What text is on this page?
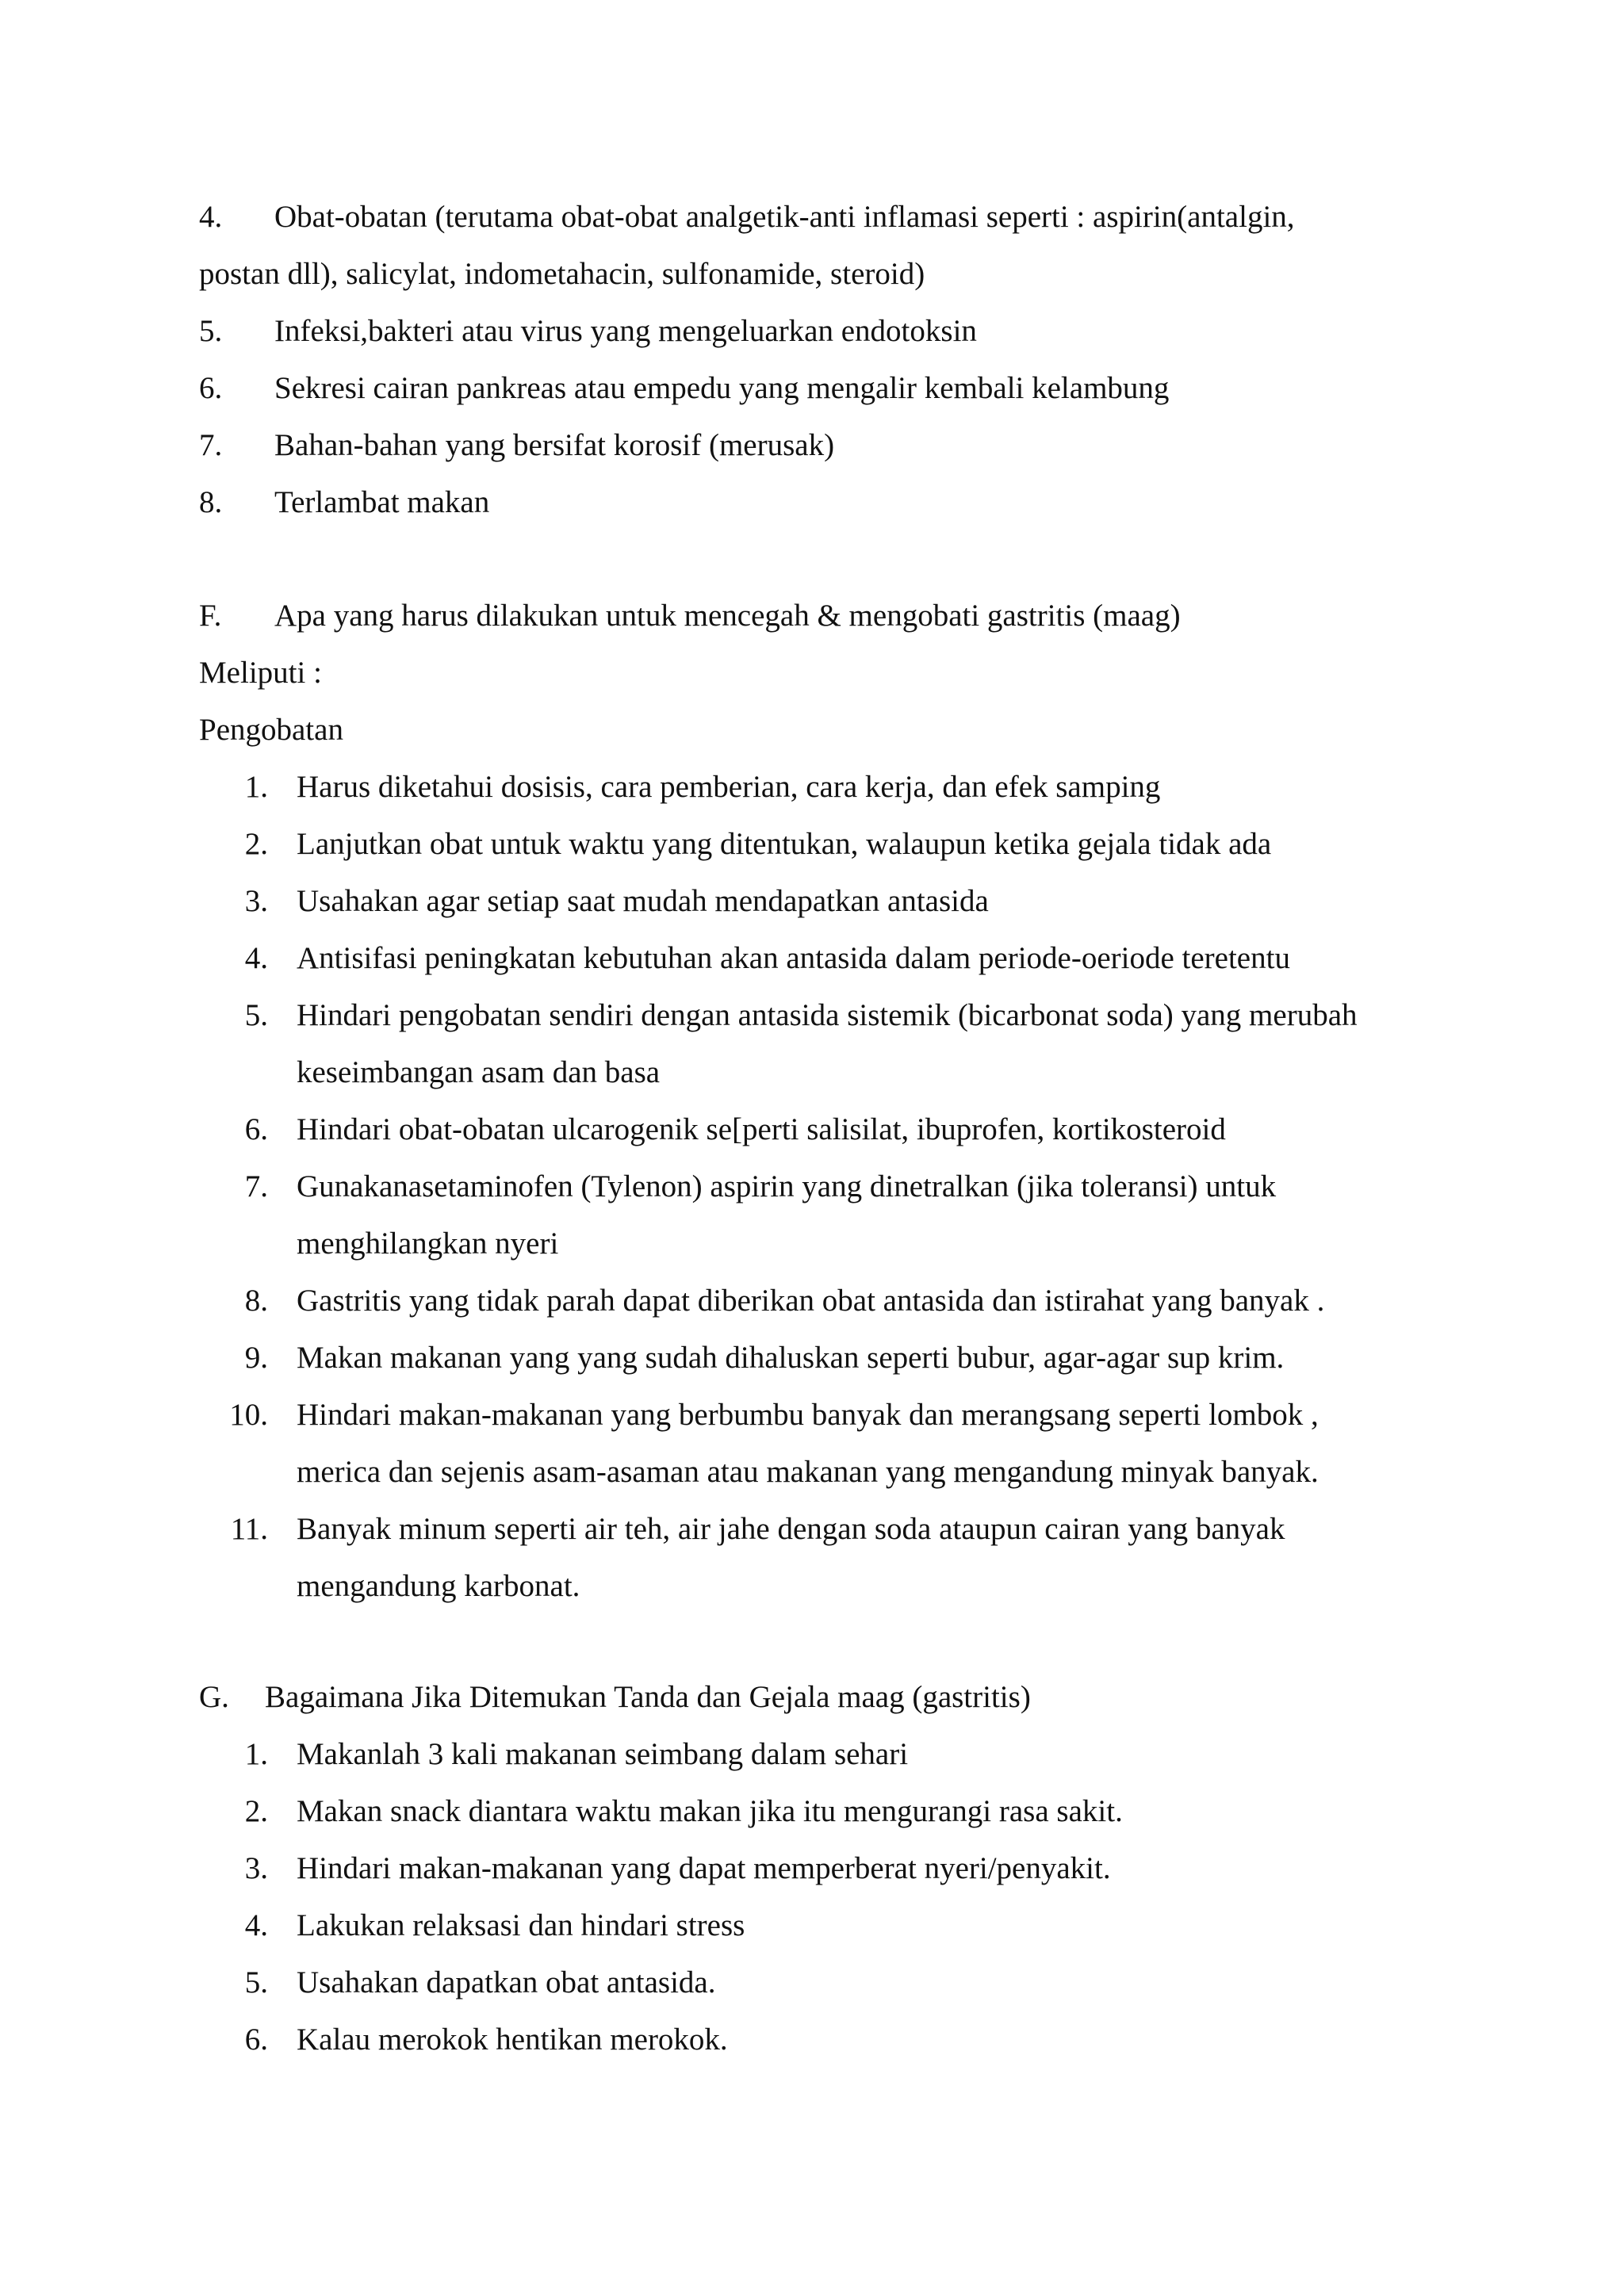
4. Obat-obatan (terutama obat-obat analgetik-anti inflamasi seperti : aspirin(antalgin,
postan dll), salicylat, indometahacin, sulfonamide, steroid)
5. Infeksi,bakteri atau virus yang mengeluarkan endotoksin
6. Sekresi cairan pankreas atau empedu yang mengalir kembali kelambung
7. Bahan-bahan yang bersifat korosif (merusak)
8. Terlambat makan
F. Apa yang harus dilakukan untuk mencegah & mengobati gastritis (maag)
Meliputi :
Pengobatan
1. Harus diketahui dosisis, cara pemberian, cara kerja, dan efek samping
2. Lanjutkan obat untuk waktu yang ditentukan, walaupun ketika gejala tidak ada
3. Usahakan agar setiap saat mudah mendapatkan antasida
4. Antisifasi peningkatan kebutuhan akan antasida dalam periode-oeriode teretentu
5. Hindari pengobatan sendiri dengan antasida sistemik (bicarbonat soda) yang merubah
keseimbangan asam dan basa
6. Hindari obat-obatan ulcarogenik se[perti salisilat, ibuprofen, kortikosteroid
7. Gunakanasetaminofen (Tylenon) aspirin yang dinetralkan (jika toleransi) untuk
menghilangkan nyeri
8. Gastritis yang tidak parah dapat diberikan obat antasida dan istirahat yang banyak .
9. Makan makanan yang yang sudah dihaluskan seperti bubur, agar-agar sup krim.
10. Hindari makan-makanan yang berbumbu banyak dan merangsang seperti lombok ,
merica dan sejenis asam-asaman atau makanan yang mengandung minyak banyak.
11. Banyak minum seperti air teh, air jahe dengan soda ataupun cairan yang banyak
mengandung karbonat.
G. Bagaimana Jika Ditemukan Tanda dan Gejala maag (gastritis)
1. Makanlah 3 kali makanan seimbang dalam sehari
2. Makan snack diantara waktu makan jika itu mengurangi rasa sakit.
3. Hindari makan-makanan yang dapat memperberat nyeri/penyakit.
4. Lakukan relaksasi dan hindari stress
5. Usahakan dapatkan obat antasida.
6. Kalau merokok hentikan merokok.
